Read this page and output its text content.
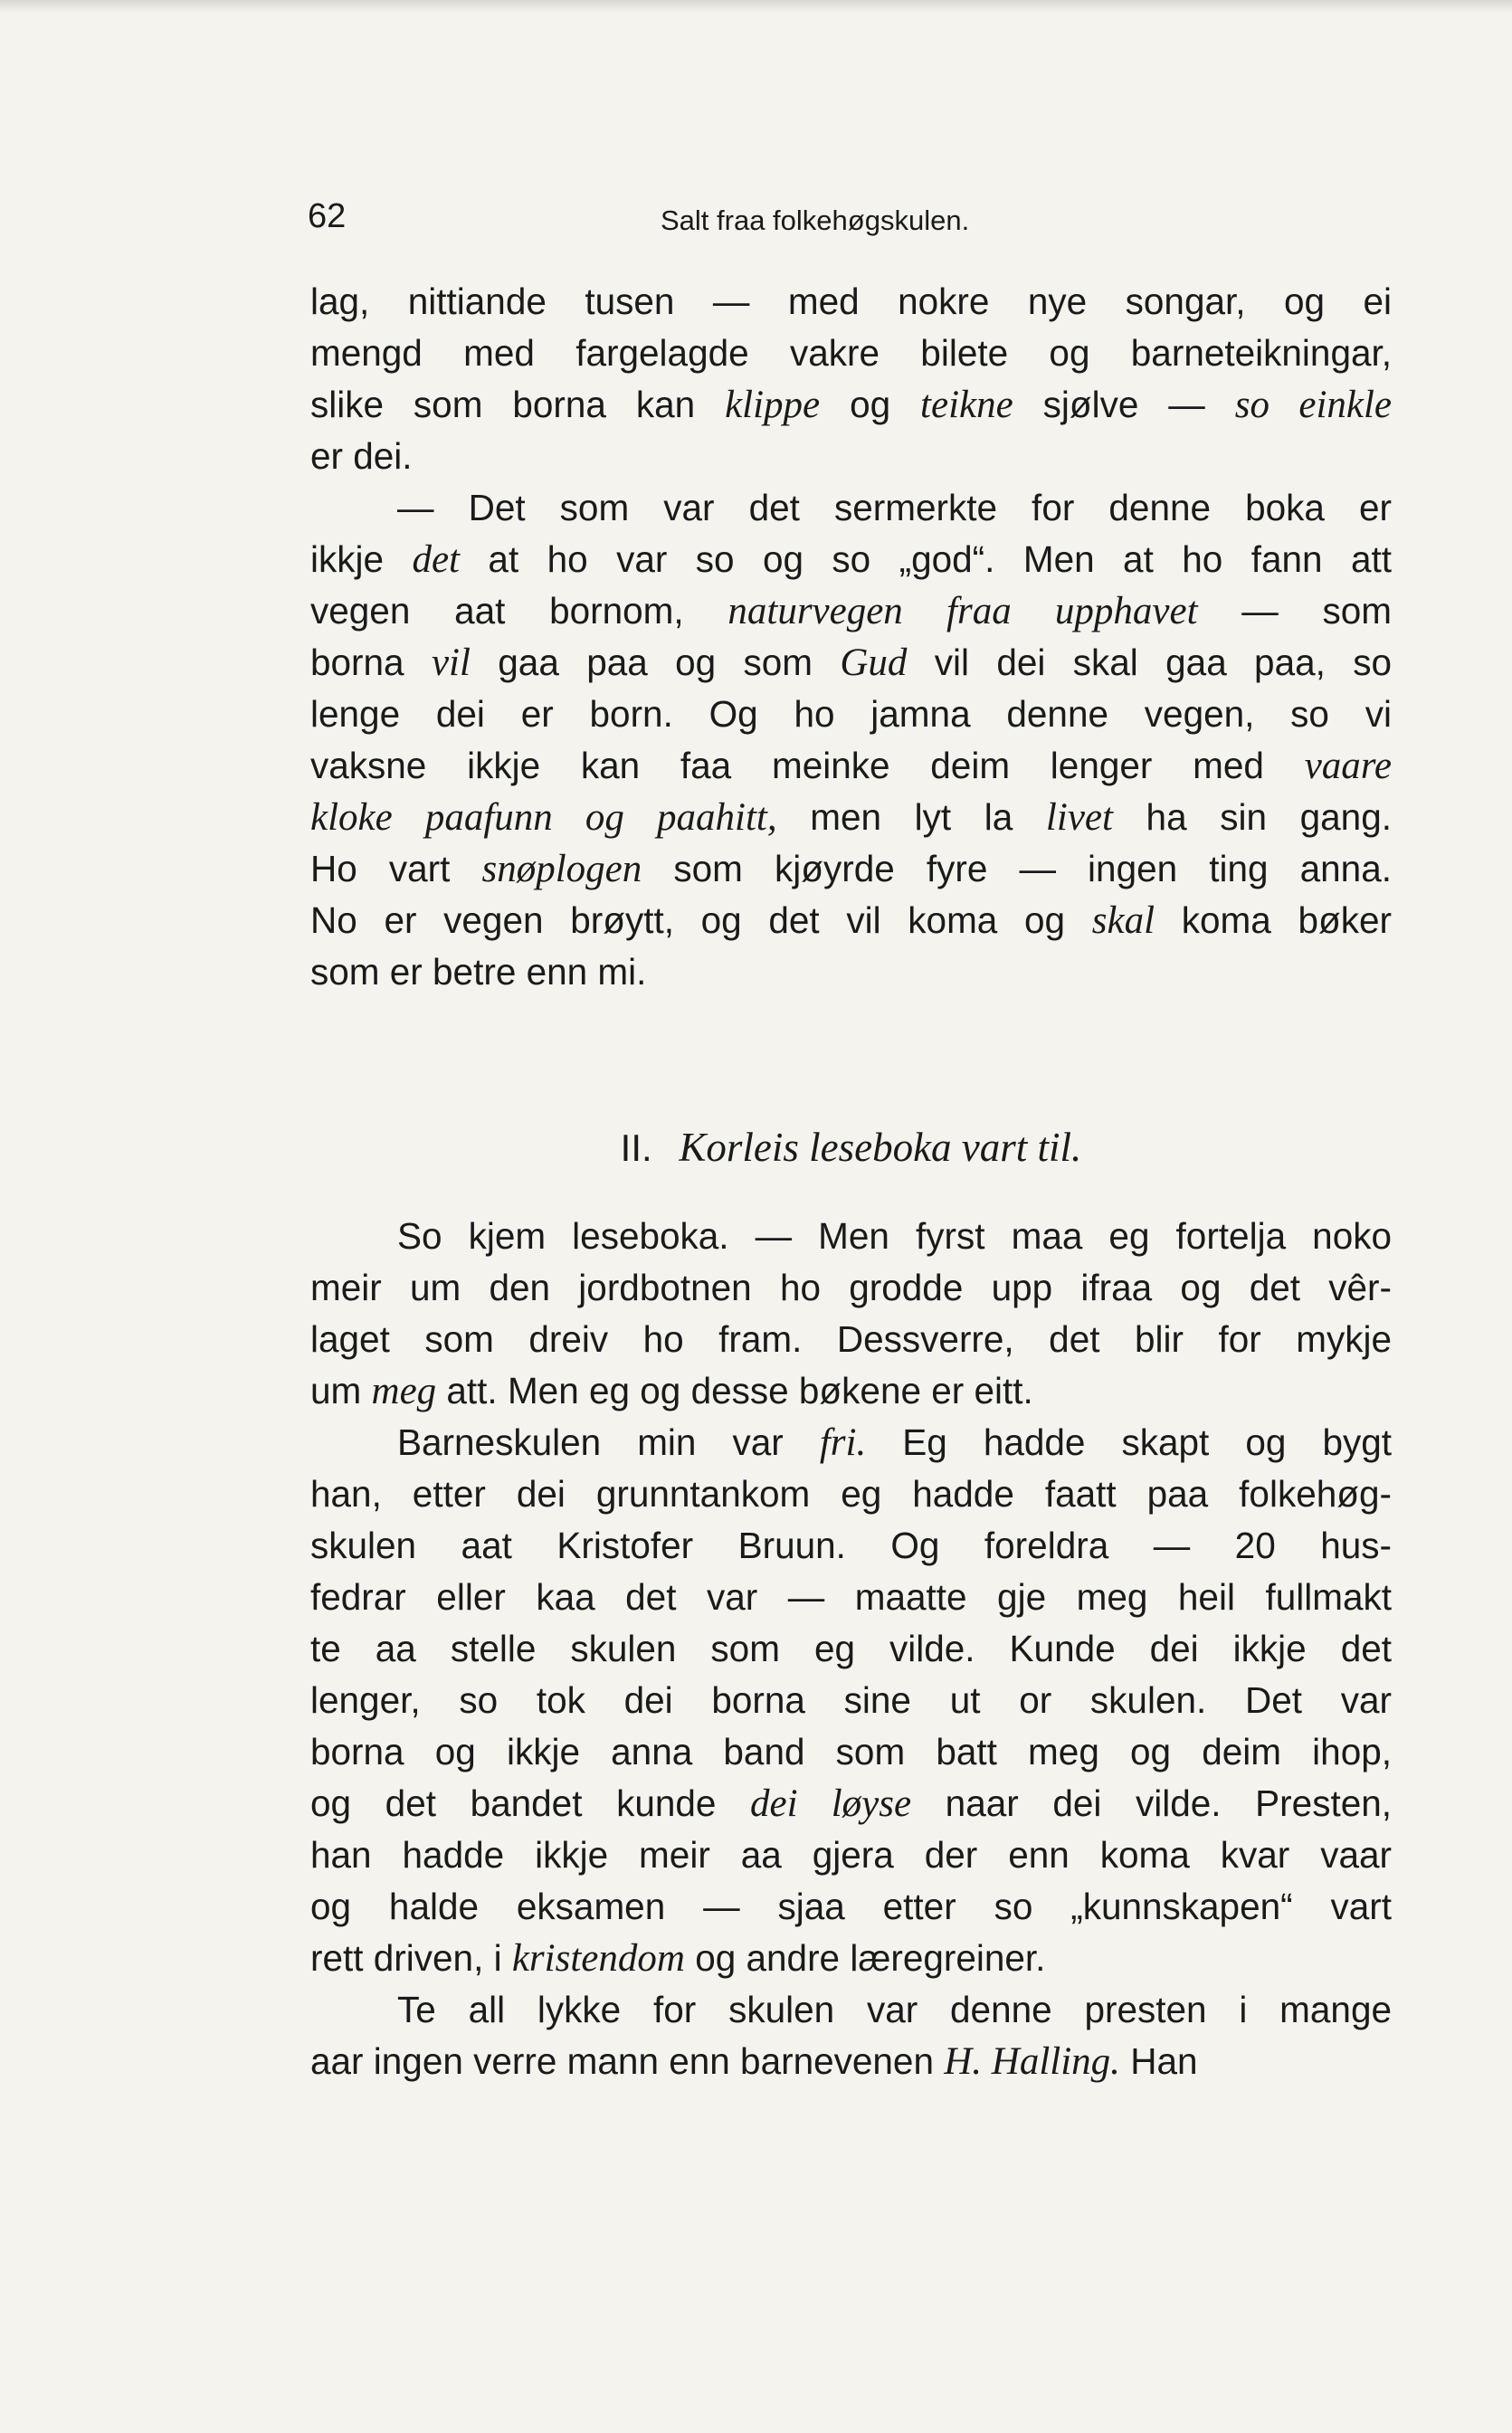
62	Salt fraa folkehøgskulen.
lag, nittiande tusen — med nokre nye songar, og ei
mengd med fargelagde vakre bilete og barneteikningar,
slike som borna kan klippe og teikne sjølve — so einkle
er dei.
— Det som var det sermerkte for denne boka er
ikkje det at ho var so og so „god“. Men at ho fann att
vegen aat bornom, naturvegen fraa upphavet — som
borna vil gaa paa og som Gud vil dei skal gaa paa, so
lenge dei er born. Og ho jamna denne vegen, so vi
vaksne ikkje kan faa meinke deim lenger med vaare
kloke paafunn og paahitt, men lyt la livet ha sin gang.
Ho vart snøplogen som kjøyrde fyre — ingen ting anna.
No er vegen brøytt, og det vil koma og skal koma bøker
som er betre enn mi.
II. Korleis leseboka vart til.
So kjem leseboka. — Men fyrst maa eg fortelja noko
meir um den jordbotnen ho grodde upp ifraa og det vêr-
laget som dreiv ho fram. Dessverre, det blir for mykje
um meg att. Men eg og desse bøkene er eitt.
Barneskulen min var fri. Eg hadde skapt og bygt
han, etter dei grunntankom eg hadde faatt paa folkehøg-
skulen aat Kristofer Bruun. Og foreldra — 20 hus-
fedrar eller kaa det var — maatte gje meg heil fullmakt
te aa stelle skulen som eg vilde. Kunde dei ikkje det
lenger, so tok dei borna sine ut or skulen. Det var
borna og ikkje anna band som batt meg og deim ihop,
og det bandet kunde dei løyse naar dei vilde. Presten,
han hadde ikkje meir aa gjera der enn koma kvar vaar
og halde eksamen — sjaa etter so „kunnskapen“ vart
rett driven, i kristendom og andre læregreiner.
Te all lykke for skulen var denne presten i mange
aar ingen verre mann enn barnevenen H. Halling. Han
